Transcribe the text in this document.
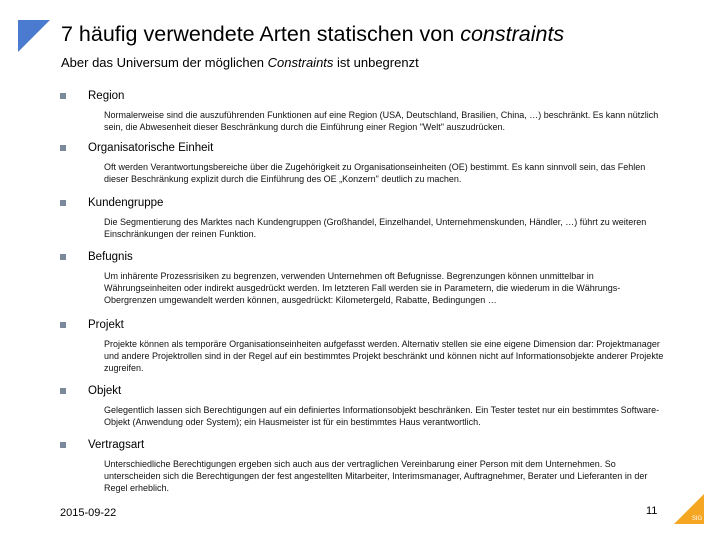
7 häufig verwendete Arten statischen von constraints
Aber das Universum der möglichen Constraints ist unbegrenzt
Region
Normalerweise sind die auszuführenden Funktionen auf eine Region (USA, Deutschland, Brasilien, China, …) beschränkt. Es kann nützlich sein, die Abwesenheit dieser Beschränkung durch die Einführung einer Region "Welt" auszudrücken.
Organisatorische Einheit
Oft werden Verantwortungsbereiche über die Zugehörigkeit zu Organisationseinheiten (OE) bestimmt. Es kann sinnvoll sein, das Fehlen dieser Beschränkung explizit durch die Einführung des OE „Konzern" deutlich zu machen.
Kundengruppe
Die Segmentierung des Marktes nach Kundengruppen (Großhandel, Einzelhandel, Unternehmenskunden, Händler, …) führt zu weiteren Einschränkungen der reinen Funktion.
Befugnis
Um inhärente Prozessrisiken zu begrenzen, verwenden Unternehmen oft Befugnisse. Begrenzungen können unmittelbar in Währungseinheiten oder indirekt ausgedrückt werden. Im letzteren Fall werden sie in Parametern, die wiederum in die Währungs-Obergrenzen umgewandelt werden können, ausgedrückt: Kilometergeld, Rabatte, Bedingungen …
Projekt
Projekte können als temporäre Organisationseinheiten aufgefasst werden. Alternativ stellen sie eine eigene Dimension dar: Projektmanager und andere Projektrollen sind in der Regel auf ein bestimmtes Projekt beschränkt und können nicht auf Informationsobjekte anderer Projekte zugreifen.
Objekt
Gelegentlich lassen sich Berechtigungen auf ein definiertes Informationsobjekt beschränken. Ein Tester testet nur ein bestimmtes Software-Objekt (Anwendung oder System); ein Hausmeister ist für ein bestimmtes Haus verantwortlich.
Vertragsart
Unterschiedliche Berechtigungen ergeben sich auch aus der vertraglichen Vereinbarung einer Person mit dem Unternehmen. So unterscheiden sich die Berechtigungen der fest angestellten Mitarbeiter, Interimsmanager, Auftragnehmer, Berater und Lieferanten in der Regel erheblich.
2015-09-22	11
SIG
